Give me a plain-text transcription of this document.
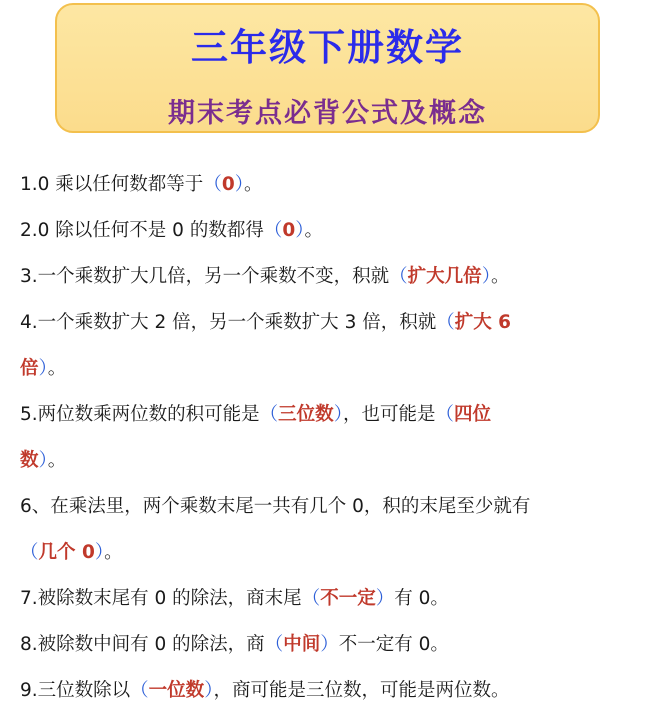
三年级下册数学
期末考点必背公式及概念
1.0 乘以任何数都等于（0）。
2.0 除以任何不是 0 的数都得（0）。
3.一个乘数扩大几倍，另一个乘数不变，积就（扩大几倍）。
4.一个乘数扩大 2 倍，另一个乘数扩大 3 倍，积就（扩大 6
倍）。
5.两位数乘两位数的积可能是（三位数），也可能是（四位
数）。
6、在乘法里，两个乘数末尾一共有几个 0，积的末尾至少就有
（几个 0）。
7.被除数末尾有 0 的除法，商末尾（不一定）有 0。
8.被除数中间有 0 的除法，商（中间）不一定有 0。
9.三位数除以（一位数），商可能是三位数，可能是两位数。
